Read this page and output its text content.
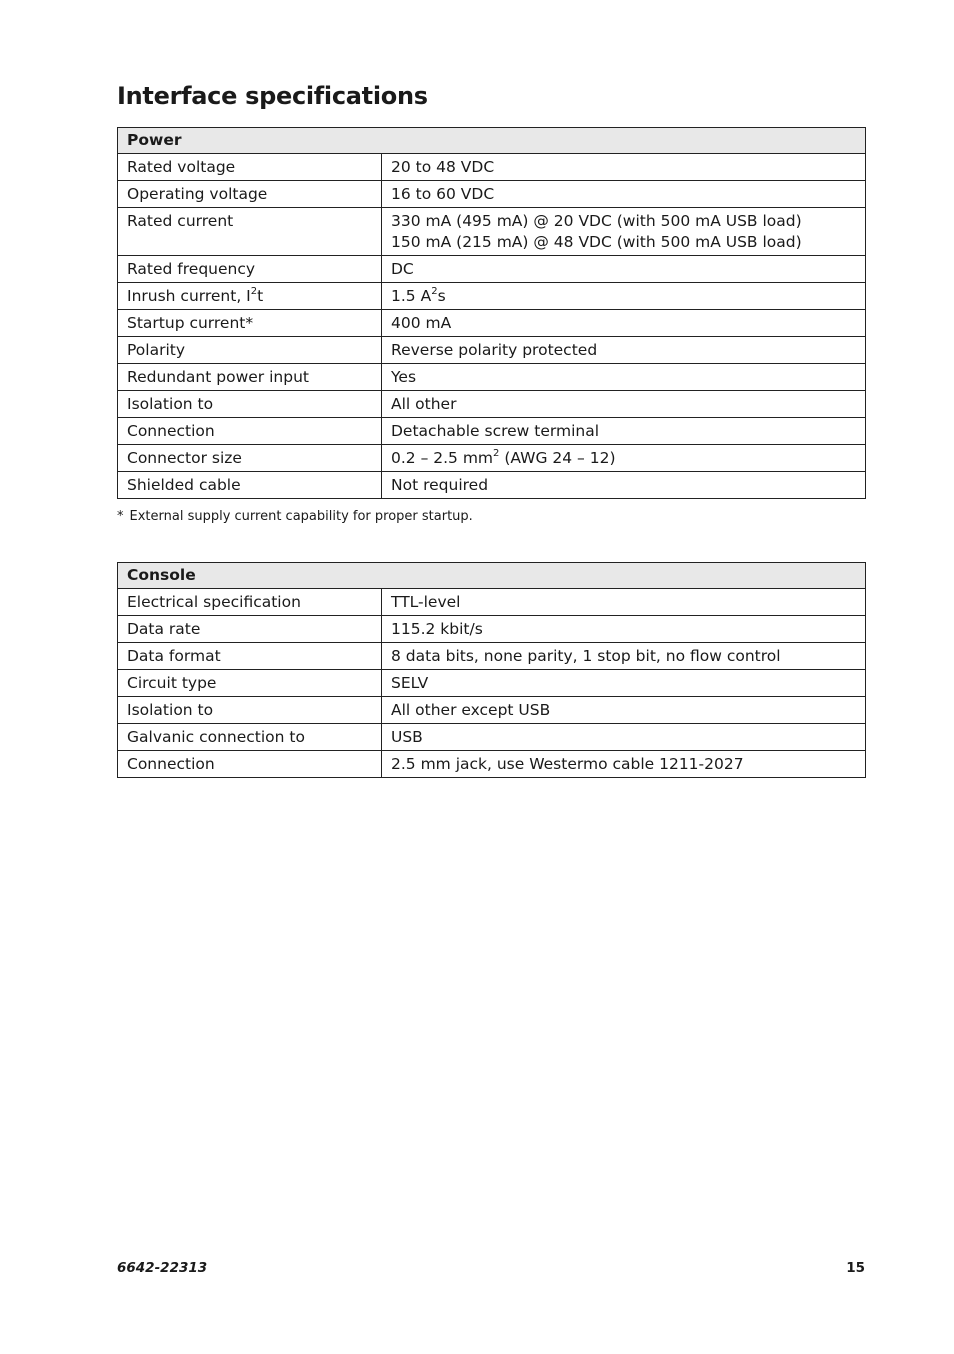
Interface specifications
Power	
Rated voltage	20 to 48 VDC
Operating voltage	16 to 60 VDC
Rated current	330 mA (495 mA) @ 20 VDC (with 500 mA USB load)
150 mA (215 mA) @ 48 VDC (with 500 mA USB load)

Rated frequency	DC
Inrush current, $I^2t$	1.5 $A^2s$
Startup current*	400 mA
Polarity	Reverse polarity protected
Redundant power input	Yes
Isolation to	All other
Connection	Detachable screw terminal
Connector size	0.2 – 2.5 $mm^2$ (AWG 24 – 12)
Shielded cable	Not required
* External supply current capability for proper startup.
Console	
Electrical specification	TTL-level
Data rate	115.2 kbit/s
Data format	8 data bits, none parity, 1 stop bit, no flow control
Circuit type	SELV
Isolation to	All other except USB
Galvanic connection to	USB
Connection	2.5 mm jack, use Westermo cable 1211-2027
6642-22313	15
